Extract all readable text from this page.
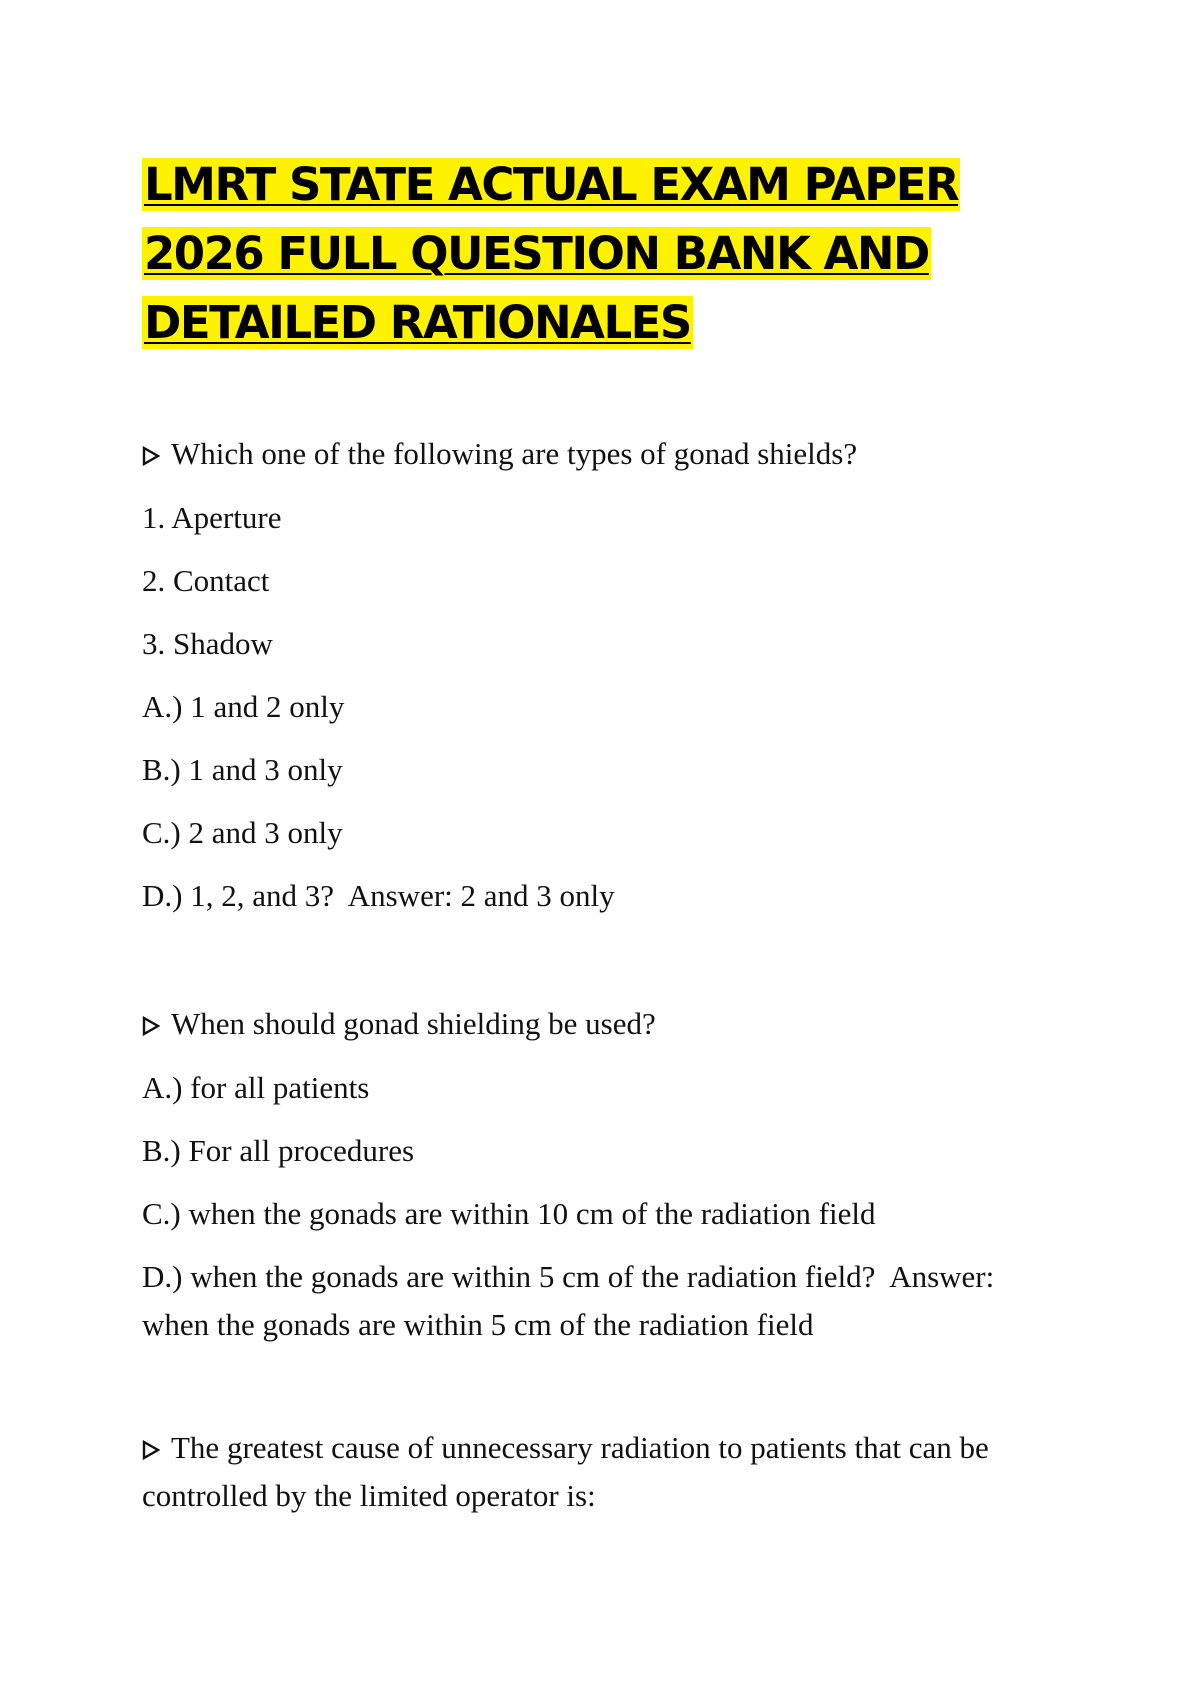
LMRT STATE ACTUAL EXAM PAPER 2026 FULL QUESTION BANK AND DETAILED RATIONALES

Which one of the following are types of gonad shields?

1. Aperture

2. Contact

3. Shadow

A.) 1 and 2 only

B.) 1 and 3 only

C.) 2 and 3 only

D.) 1, 2, and 3? Answer: 2 and 3 only

When should gonad shielding be used?

A.) for all patients

B.) For all procedures

C.) when the gonads are within 10 cm of the radiation field

D.) when the gonads are within 5 cm of the radiation field? Answer: when the gonads are within 5 cm of the radiation field

The greatest cause of unnecessary radiation to patients that can be controlled by the limited operator is:
